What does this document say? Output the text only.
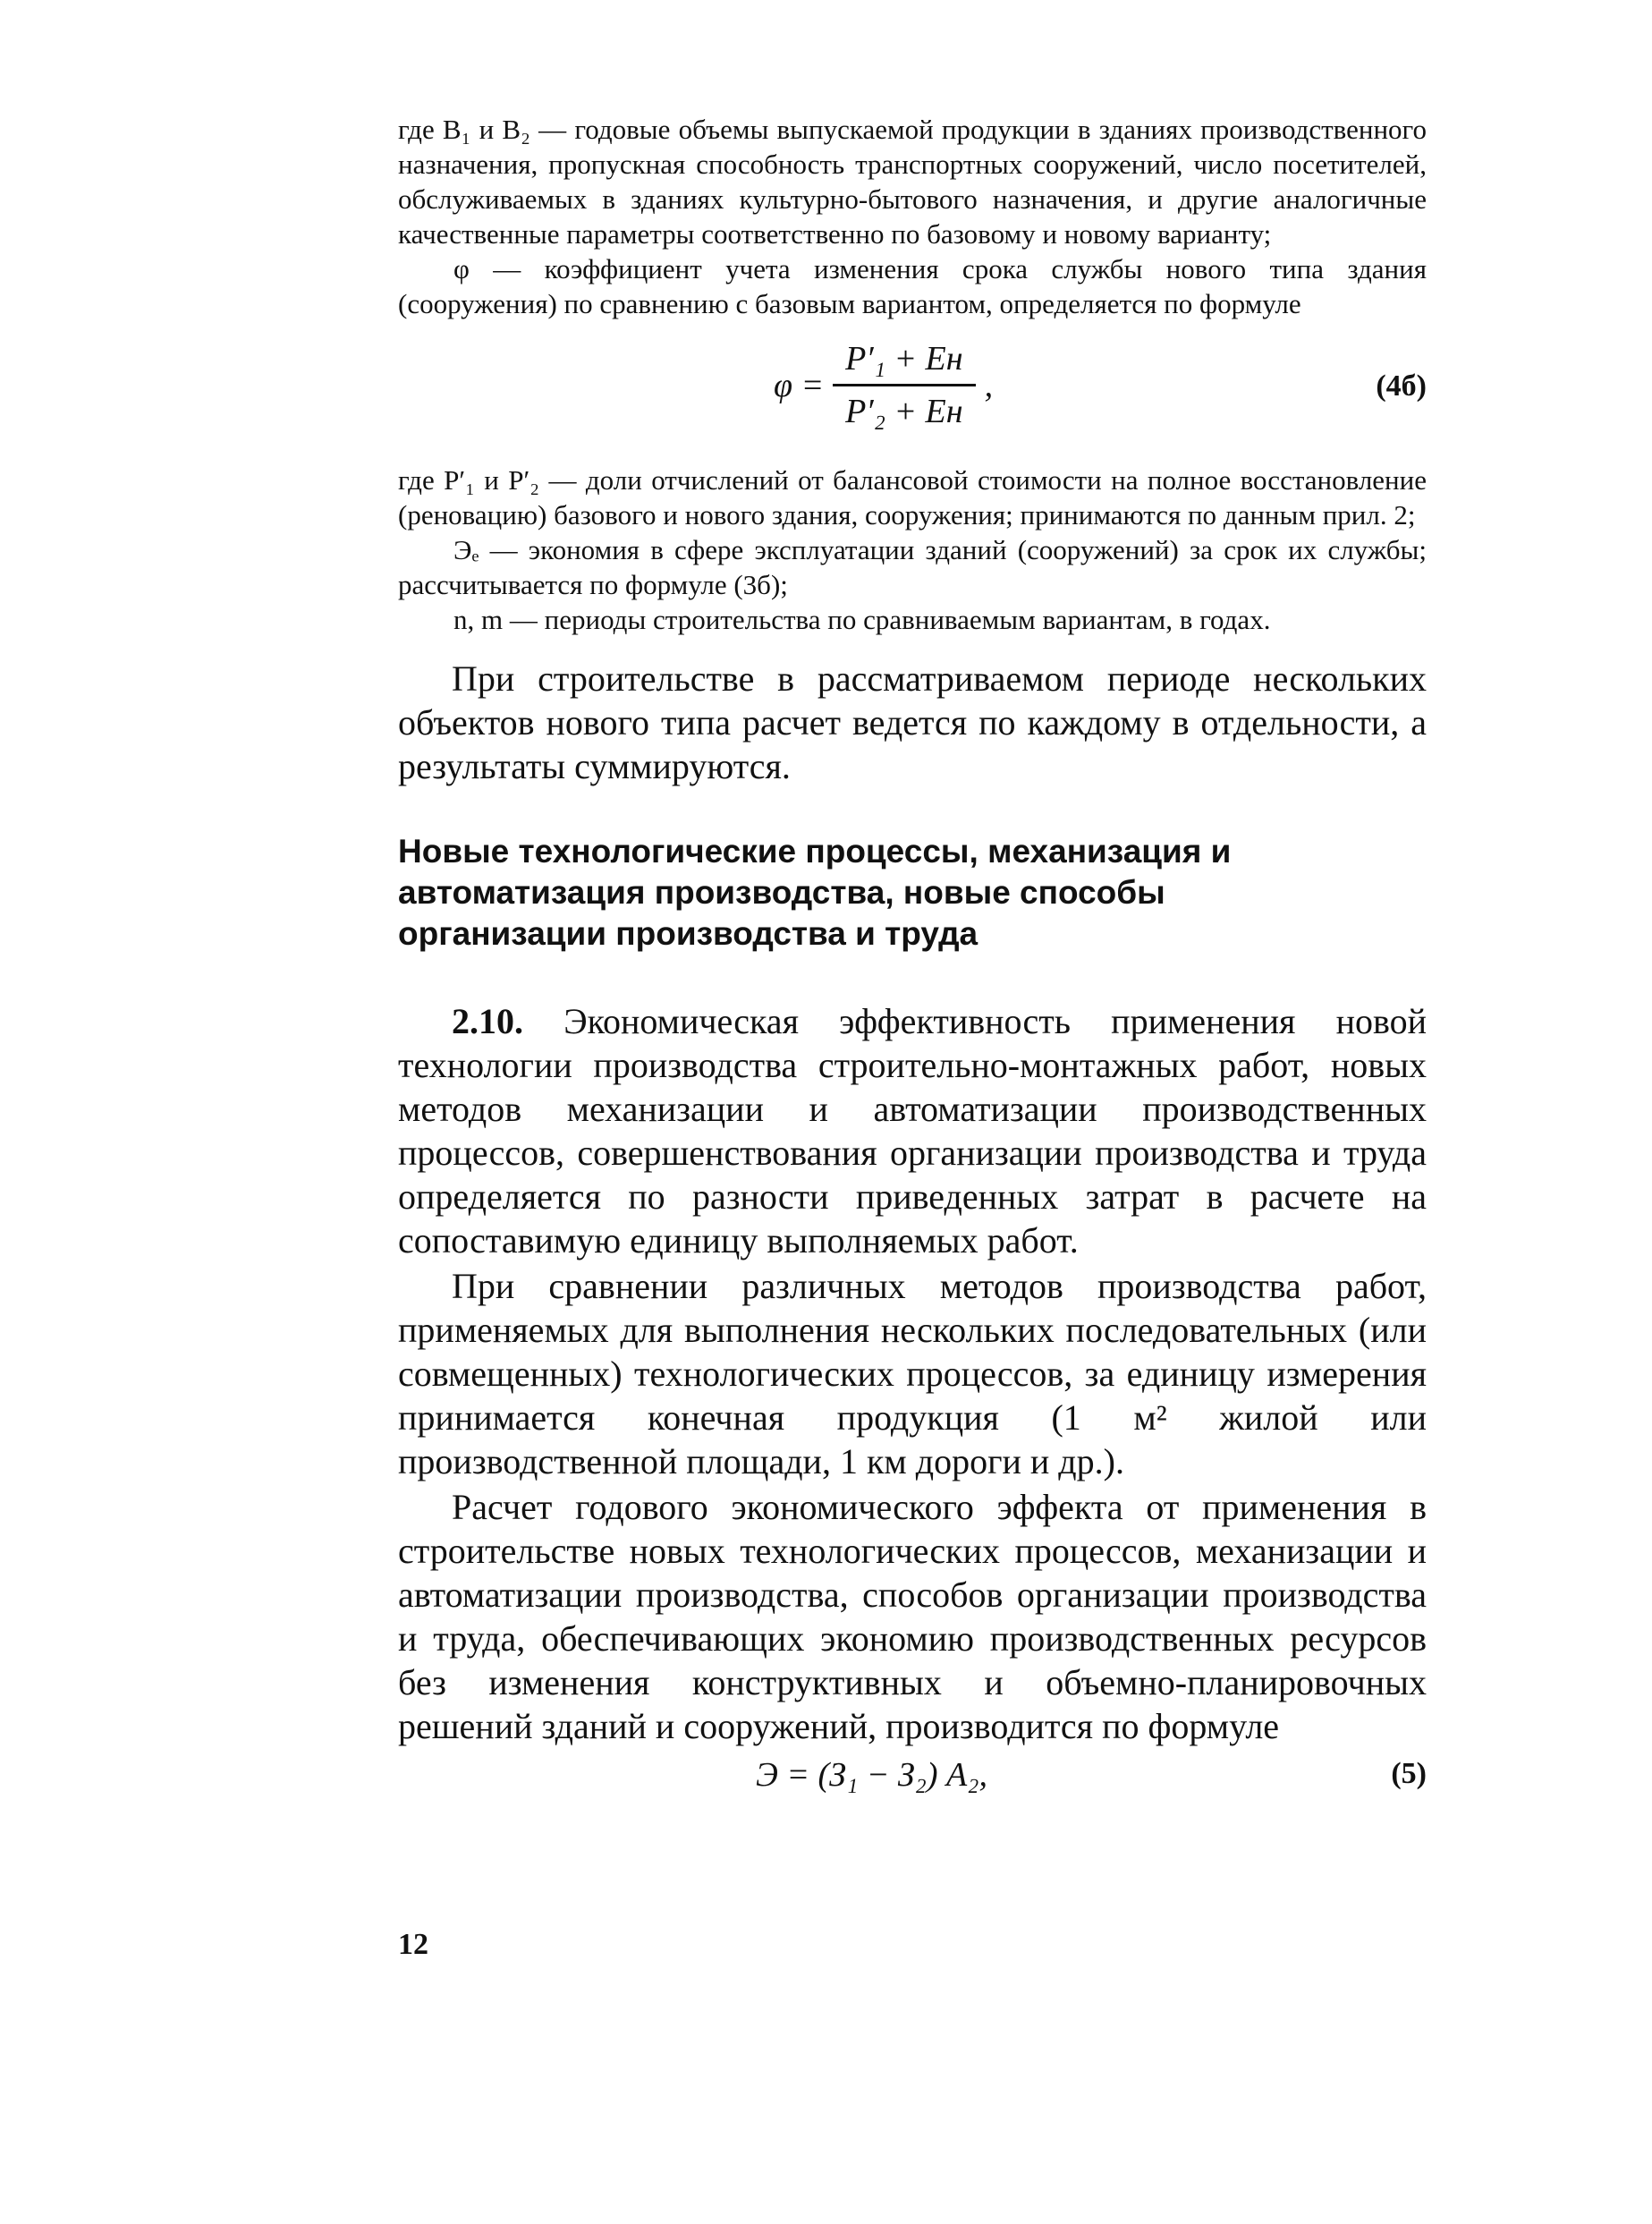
где B₁ и B₂ — годовые объемы выпускаемой продукции в зданиях производственного назначения, пропускная способность транспортных сооружений, число посетителей, обслуживаемых в зданиях культурно-бытового назначения, и другие аналогичные качественные параметры соответственно по базовому и новому варианту;

φ — коэффициент учета изменения срока службы нового типа здания (сооружения) по сравнению с базовым вариантом, определяется по формуле

$\varphi = \frac{\text{P′₁ + Eн}}{\text{P′₂ + Eн}}$ ,	(4б)

где P′₁ и P′₂ — доли отчислений от балансовой стоимости на полное восстановление (реновацию) базового и нового здания, сооружения; принимаются по данным прил. 2;

Эₑ — экономия в сфере эксплуатации зданий (сооружений) за срок их службы; рассчитывается по формуле (3б);

n, m — периоды строительства по сравниваемым вариантам, в годах.

При строительстве в рассматриваемом периоде нескольких объектов нового типа расчет ведется по каждому в отдельности, а результаты суммируются.

Новые технологические процессы, механизация и автоматизация производства, новые способы организации производства и труда

2.10. Экономическая эффективность применения новой технологии производства строительно-монтажных работ, новых методов механизации и автоматизации производственных процессов, совершенствования организации производства и труда определяется по разности приведенных затрат в расчете на сопоставимую единицу выполняемых работ.

При сравнении различных методов производства работ, применяемых для выполнения нескольких последовательных (или совмещенных) технологических процессов, за единицу измерения принимается конечная продукция (1 м² жилой или производственной площади, 1 км дороги и др.).

Расчет годового экономического эффекта от применения в строительстве новых технологических процессов, механизации и автоматизации производства, способов организации производства и труда, обеспечивающих экономию производственных ресурсов без изменения конструктивных и объемно-планировочных решений зданий и сооружений, производится по формуле

Э = (З₁ − З₂) A₂,	(5)
12
